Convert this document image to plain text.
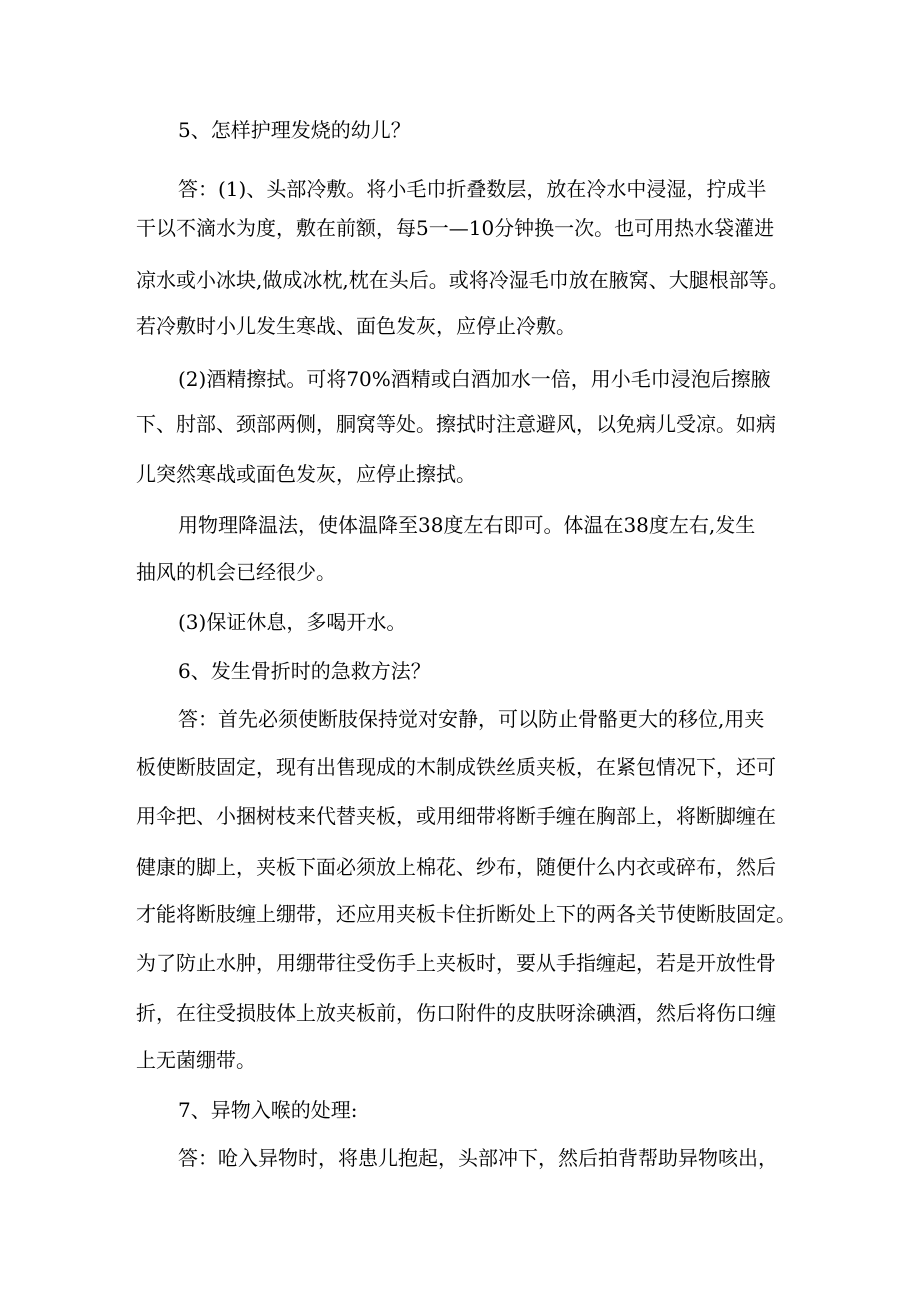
5、怎样护理发烧的幼儿？
答：(1)、头部冷敷。将小毛巾折叠数层，放在冷水中浸湿，拧成半
干以不滴水为度，敷在前额，每5一—10分钟换一次。也可用热水袋灌进
凉水或小冰块,做成冰枕,枕在头后。或将冷湿毛巾放在腋窝、大腿根部等。
若冷敷时小儿发生寒战、面色发灰，应停止冷敷。
(2)酒精擦拭。可将70%酒精或白酒加水一倍，用小毛巾浸泡后擦腋
下、肘部、颈部两侧，胴窝等处。擦拭时注意避风，以免病儿受凉。如病
儿突然寒战或面色发灰，应停止擦拭。
用物理降温法，使体温降至38度左右即可。体温在38度左右,发生
抽风的机会已经很少。
(3)保证休息，多喝开水。
6、发生骨折时的急救方法？
答：首先必须使断肢保持觉对安静，可以防止骨骼更大的移位,用夹
板使断肢固定，现有出售现成的木制成铁丝质夹板，在紧包情况下，还可
用伞把、小捆树枝来代替夹板，或用细带将断手缠在胸部上，将断脚缠在
健康的脚上，夹板下面必须放上棉花、纱布，随便什么内衣或碎布，然后
才能将断肢缠上绷带，还应用夹板卡住折断处上下的两各关节使断肢固定。
为了防止水肿，用绷带往受伤手上夹板时，要从手指缠起，若是开放性骨
折，在往受损肢体上放夹板前，伤口附件的皮肤呀涂碘酒，然后将伤口缠
上无菌绷带。
7、异物入喉的处理:
答：呛入异物时，将患儿抱起，头部冲下，然后拍背帮助异物咳出，
